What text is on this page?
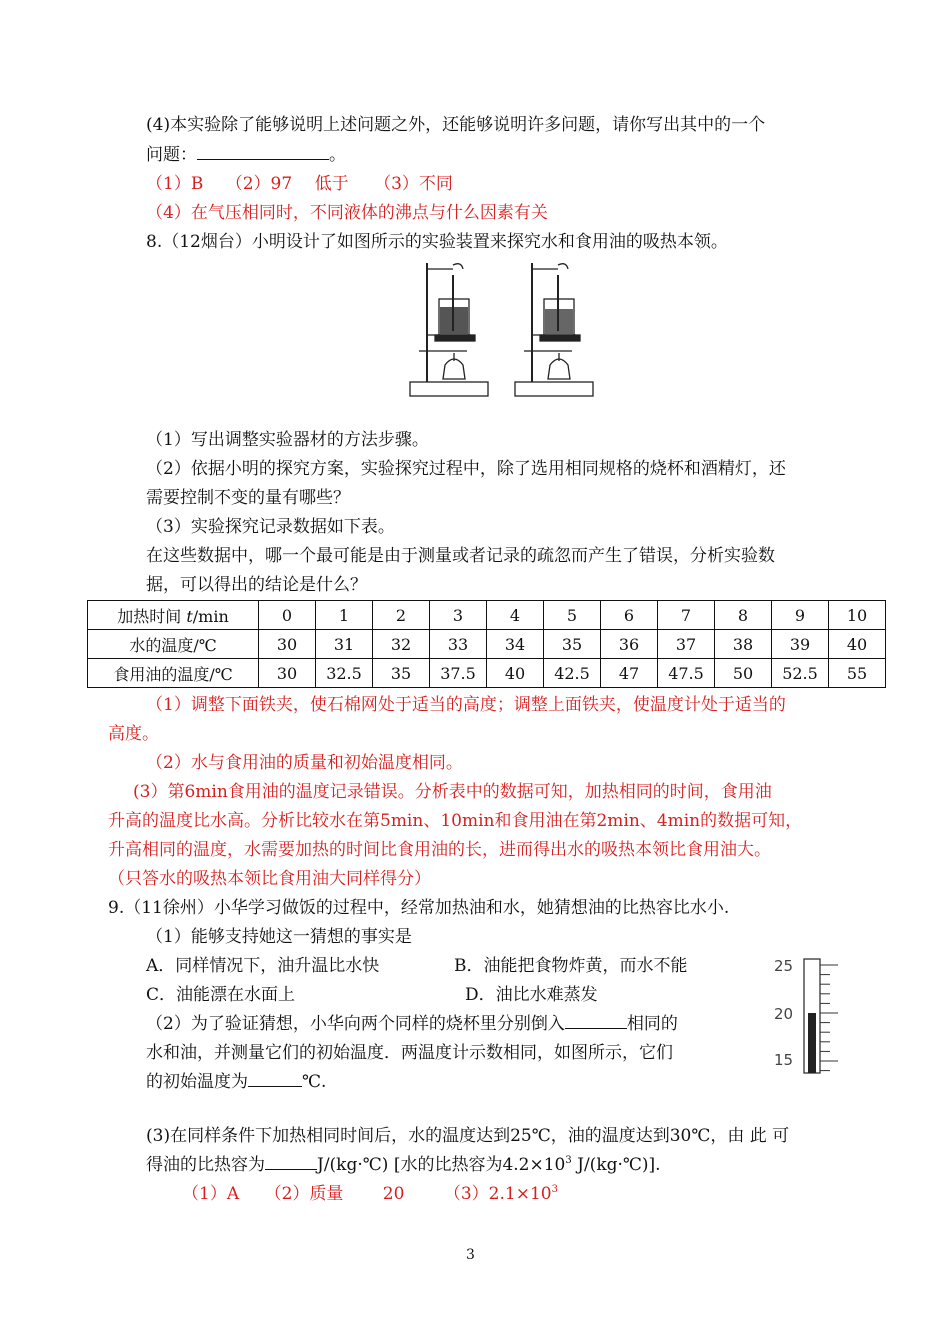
(4)本实验除了能够说明上述问题之外，还能够说明许多问题，请你写出其中的一个
问题：	。
（1）B　 （2）97　 低于　　（3）不同
（4）在气压相同时，不同液体的沸点与什么因素有关
8.（12烟台）小明设计了如图所示的实验装置来探究水和食用油的吸热本领。
（1）写出调整实验器材的方法步骤。
（2）依据小明的探究方案，实验探究过程中，除了选用相同规格的烧杯和酒精灯，还
需要控制不变的量有哪些？
（3）实验探究记录数据如下表。
在这些数据中，哪一个最可能是由于测量或者记录的疏忽而产生了错误，分析实验数
据，可以得出的结论是什么？
加热时间 t/min	0	1	2	3	4	5	6	7	8	9	10
水的温度/℃	30	31	32	33	34	35	36	37	38	39	40
食用油的温度/℃	30	32.5	35	37.5	40	42.5	47	47.5	50	52.5	55
（1）调整下面铁夹，使石棉网处于适当的高度；调整上面铁夹，使温度计处于适当的
高度。
（2）水与食用油的质量和初始温度相同。
(3）第6min食用油的温度记录错误。分析表中的数据可知，加热相同的时间，食用油
升高的温度比水高。分析比较水在第5min、10min和食用油在第2min、4min的数据可知，
升高相同的温度，水需要加热的时间比食用油的长，进而得出水的吸热本领比食用油大。
（只答水的吸热本领比食用油大同样得分）
9.（11徐州）小华学习做饭的过程中，经常加热油和水，她猜想油的比热容比水小.
（1）能够支持她这一猜想的事实是
A．同样情况下，油升温比水快	B．油能把食物炸黄，而水不能
C．油能漂在水面上	D．油比水难蒸发
（2）为了验证猜想，小华向两个同样的烧杯里分别倒入	相同的
水和油，并测量它们的初始温度．两温度计示数相同，如图所示，它们
的初始温度为	℃.
25
20
15
(3)在同样条件下加热相同时间后，水的温度达到25℃，油的温度达到30℃，由 此 可
得油的比热容为	J/(kg·℃) [水的比热容为$4.2\times 10^3$ J/(kg·℃)].
（1）A　　（2）质量　　 20　　 $(3)2.1\times 10^3$
3
